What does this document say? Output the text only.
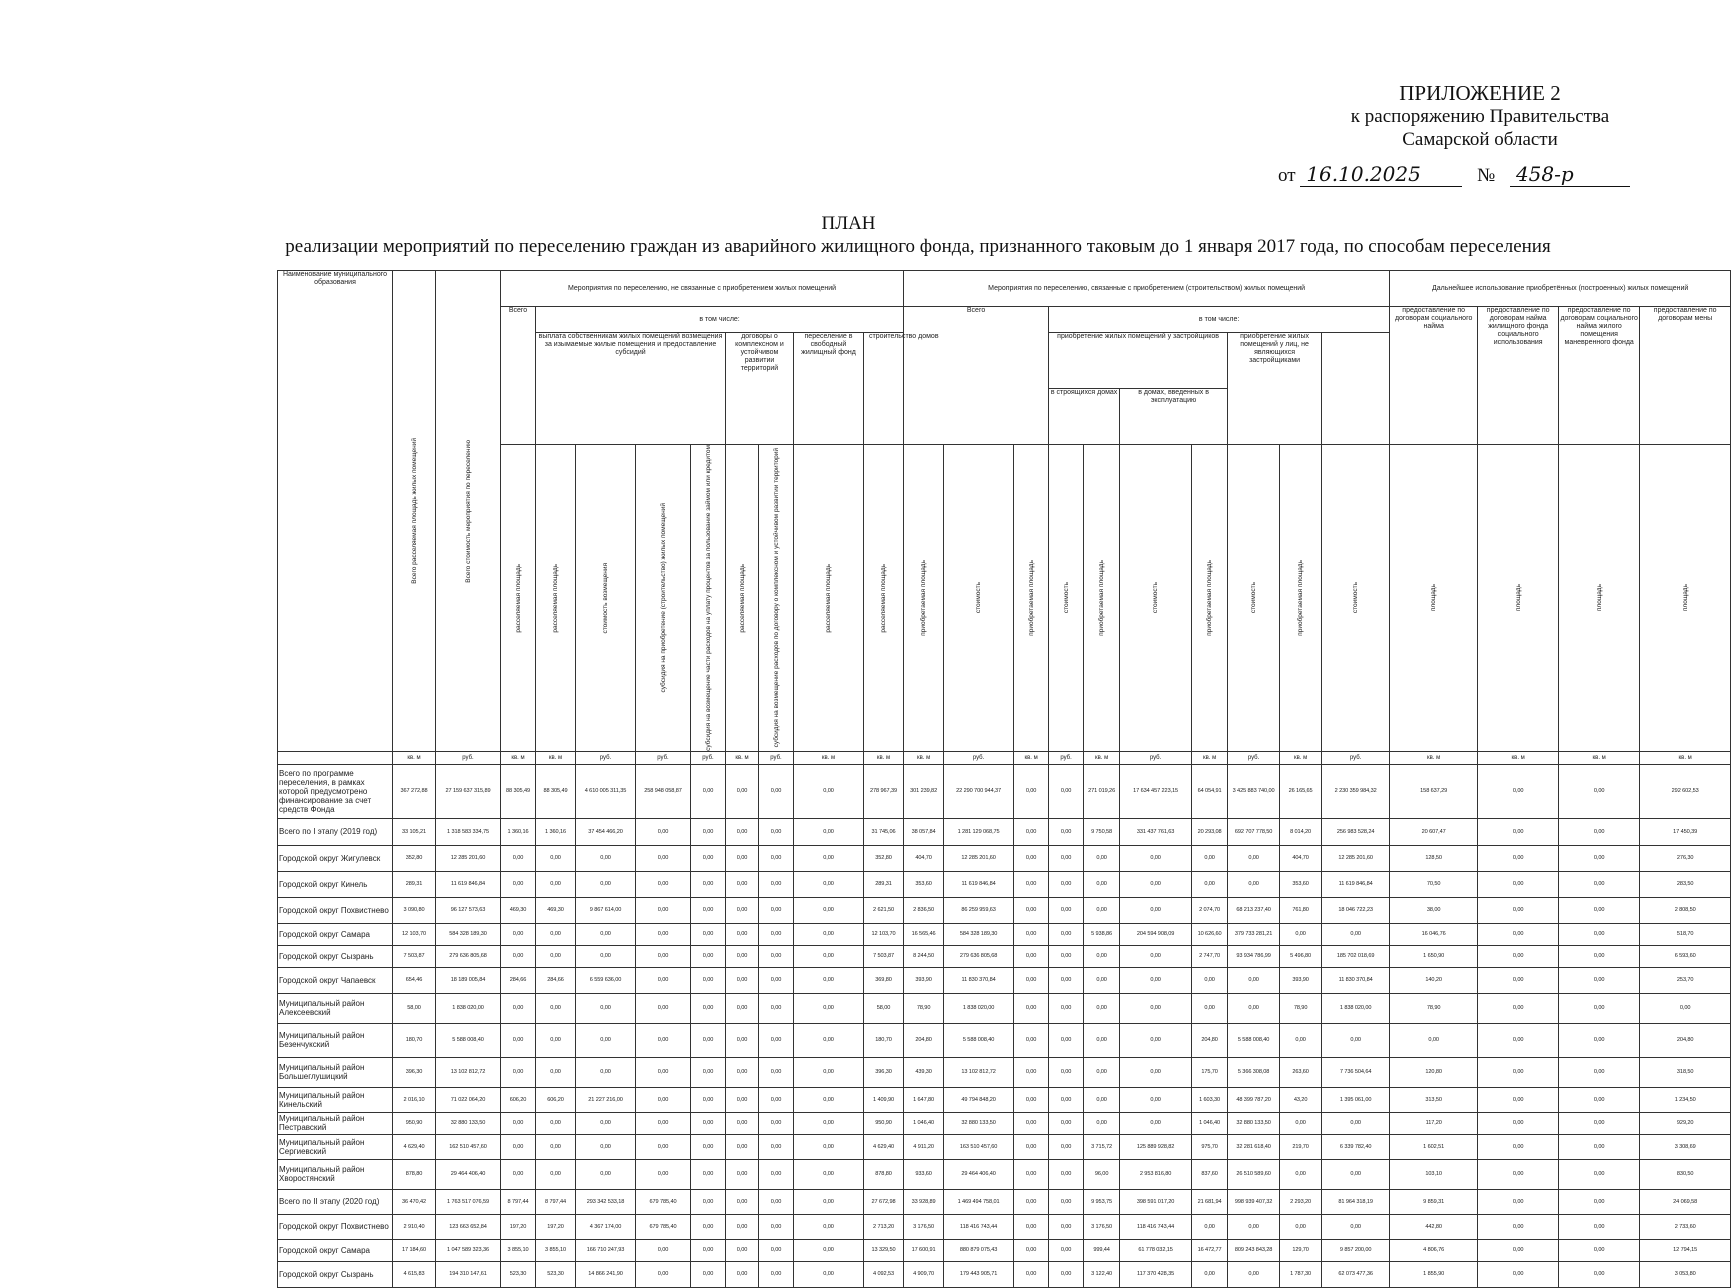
ПРИЛОЖЕНИЕ 2
к распоряжению Правительства
Самарской области
от 16.10.2025	№ 458-р
ПЛАН
реализации мероприятий по переселению граждан из аварийного жилищного фонда, признанного таковым до 1 января 2017 года, по способам переселения
Наименование муниципального образования	Всего расселяемая площадь жилых помещений	Всего стоимость мероприятия по переселению	Мероприятия по переселению, не связанные с приобретением жилых помещений									Мероприятия по переселению, связанные с приобретением (строительством) жилых помещений										Дальнейшее использование приобретённых (построенных) жилых помещений			
			Всего	в том числе:								Всего			в том числе:							предоставление по договорам социального найма	предоставление по договорам найма жилищного фонда социального использования	предоставление по договорам социального найма жилого помещения маневренного фонда	предоставление по договорам мены
				выплата собственникам жилых помещений возмещения за изымаемые жилые помещения и предоставление субсидий				договоры о комплексном и устойчивом развитии территорий		переселение в свободный жилищный фонд	строительство домов				приобретение жилых помещений у застройщиков				приобретение жилых помещений у лиц, не являющихся застройщиками						
															в строящихся домах		в домах, введенных в эксплуатацию								

			расселяемая площадь	расселяемая площадь	стоимость возмещения	субсидия на приобретение (строительство) жилых помещений	субсидия на возмещение части расходов на уплату процентов за пользование займом или кредитом	расселяемая площадь	субсидия на возмещение расходов по договору о комплексном и устойчивом развитии территорий	расселяемая площадь	расселяемая площадь	приобретаемая площадь	стоимость	приобретаемая площадь	стоимость	приобретаемая площадь	стоимость	приобретаемая площадь	стоимость	приобретаемая площадь	стоимость	площадь	площадь	площадь	площадь

	кв. м	руб.	кв. м	кв. м	руб.	руб.	руб.	кв. м	руб.	кв. м	кв. м	кв. м	руб.	кв. м	руб.	кв. м	руб.	кв. м	руб.	кв. м	руб.	кв. м	кв. м	кв. м	кв. м
Всего по программе переселения, в рамках которой предусмотрено финансирование за счет средств Фонда	367 272,88	27 159 637 315,89	88 305,49	88 305,49	4 610 005 311,35	258 948 058,87	0,00	0,00	0,00	0,00	278 967,39	301 239,82	22 290 700 944,37	0,00	0,00	271 019,26	17 634 457 223,15	64 054,91	3 425 883 740,00	26 165,65	2 230 359 984,32	158 637,29	0,00	0,00	292 602,53
Всего по I этапу (2019 год)	33 105,21	1 318 583 334,75	1 360,16	1 360,16	37 454 466,20	0,00	0,00	0,00	0,00	0,00	31 745,06	38 057,84	1 281 129 068,75	0,00	0,00	9 750,58	331 437 761,63	20 293,08	692 707 778,50	8 014,20	256 983 528,24	20 607,47	0,00	0,00	17 450,39
Городской округ Жигулевск	352,80	12 285 201,60	0,00	0,00	0,00	0,00	0,00	0,00	0,00	0,00	352,80	404,70	12 285 201,60	0,00	0,00	0,00	0,00	0,00	0,00	404,70	12 285 201,60	128,50	0,00	0,00	276,30
Городской округ Кинель	289,31	11 619 846,84	0,00	0,00	0,00	0,00	0,00	0,00	0,00	0,00	289,31	353,60	11 619 846,84	0,00	0,00	0,00	0,00	0,00	0,00	353,60	11 619 846,84	70,50	0,00	0,00	283,50
Городской округ Похвистнево	3 090,80	96 127 573,63	469,30	469,30	9 867 614,00	0,00	0,00	0,00	0,00	0,00	2 621,50	2 836,50	86 259 959,63	0,00	0,00	0,00	0,00	2 074,70	68 213 237,40	761,80	18 046 722,23	38,00	0,00	0,00	2 808,50
Городской округ Самара	12 103,70	584 328 189,30	0,00	0,00	0,00	0,00	0,00	0,00	0,00	0,00	12 103,70	16 565,46	584 328 189,30	0,00	0,00	5 938,86	204 594 908,09	10 626,60	379 733 281,21	0,00	0,00	16 046,76	0,00	0,00	518,70
Городской округ Сызрань	7 503,87	279 636 805,68	0,00	0,00	0,00	0,00	0,00	0,00	0,00	0,00	7 503,87	8 244,50	279 636 805,68	0,00	0,00	0,00	0,00	2 747,70	93 934 786,99	5 496,80	185 702 018,69	1 650,90	0,00	0,00	6 593,60
Городской округ Чапаевск	654,46	18 189 005,84	284,66	284,66	6 559 636,00	0,00	0,00	0,00	0,00	0,00	369,80	393,90	11 830 370,84	0,00	0,00	0,00	0,00	0,00	0,00	393,90	11 830 370,84	140,20	0,00	0,00	253,70
Муниципальный район Алексеевский	58,00	1 838 020,00	0,00	0,00	0,00	0,00	0,00	0,00	0,00	0,00	58,00	78,90	1 838 020,00	0,00	0,00	0,00	0,00	0,00	0,00	78,90	1 838 020,00	78,90	0,00	0,00	0,00
Муниципальный район Безенчукский	180,70	5 588 008,40	0,00	0,00	0,00	0,00	0,00	0,00	0,00	0,00	180,70	204,80	5 588 008,40	0,00	0,00	0,00	0,00	204,80	5 588 008,40	0,00	0,00	0,00	0,00	0,00	204,80
Муниципальный район Большеглушицкий	396,30	13 102 812,72	0,00	0,00	0,00	0,00	0,00	0,00	0,00	0,00	396,30	439,30	13 102 812,72	0,00	0,00	0,00	0,00	175,70	5 366 308,08	263,60	7 736 504,64	120,80	0,00	0,00	318,50
Муниципальный район Кинельский	2 016,10	71 022 064,20	606,20	606,20	21 227 216,00	0,00	0,00	0,00	0,00	0,00	1 409,90	1 647,80	49 794 848,20	0,00	0,00	0,00	0,00	1 603,30	48 399 787,20	43,20	1 395 061,00	313,50	0,00	0,00	1 234,50
Муниципальный район Пестравский	950,90	32 880 133,50	0,00	0,00	0,00	0,00	0,00	0,00	0,00	0,00	950,90	1 046,40	32 880 133,50	0,00	0,00	0,00	0,00	1 046,40	32 880 133,50	0,00	0,00	117,20	0,00	0,00	929,20
Муниципальный район Сергиевский	4 629,40	162 510 457,60	0,00	0,00	0,00	0,00	0,00	0,00	0,00	0,00	4 629,40	4 911,20	163 510 457,60	0,00	0,00	3 715,72	125 889 928,82	975,70	32 281 618,40	219,70	6 339 782,40	1 602,51	0,00	0,00	3 308,69
Муниципальный район Хворостянский	878,80	29 464 406,40	0,00	0,00	0,00	0,00	0,00	0,00	0,00	0,00	878,80	933,60	29 464 406,40	0,00	0,00	96,00	2 953 816,80	837,60	26 510 589,60	0,00	0,00	103,10	0,00	0,00	830,50
Всего по II этапу (2020 год)	36 470,42	1 763 517 076,59	8 797,44	8 797,44	293 342 533,18	679 785,40	0,00	0,00	0,00	0,00	27 672,98	33 928,89	1 469 494 758,01	0,00	0,00	9 953,75	398 591 017,20	21 681,94	998 939 407,32	2 293,20	81 964 318,19	9 859,31	0,00	0,00	24 069,58
Городской округ Похвистнево	2 910,40	123 663 652,84	197,20	197,20	4 367 174,00	679 785,40	0,00	0,00	0,00	0,00	2 713,20	3 176,50	118 416 743,44	0,00	0,00	3 176,50	118 416 743,44	0,00	0,00	0,00	0,00	442,80	0,00	0,00	2 733,60
Городской округ Самара	17 184,60	1 047 589 323,36	3 855,10	3 855,10	166 710 247,93	0,00	0,00	0,00	0,00	0,00	13 329,50	17 600,91	880 879 075,43	0,00	0,00	999,44	61 778 032,15	16 472,77	809 243 843,28	129,70	9 857 200,00	4 806,76	0,00	0,00	12 794,15
Городской округ Сызрань	4 615,83	194 310 147,61	523,30	523,30	14 866 241,90	0,00	0,00	0,00	0,00	0,00	4 092,53	4 909,70	179 443 905,71	0,00	0,00	3 122,40	117 370 428,35	0,00	0,00	1 787,30	62 073 477,36	1 855,90	0,00	0,00	3 053,80
